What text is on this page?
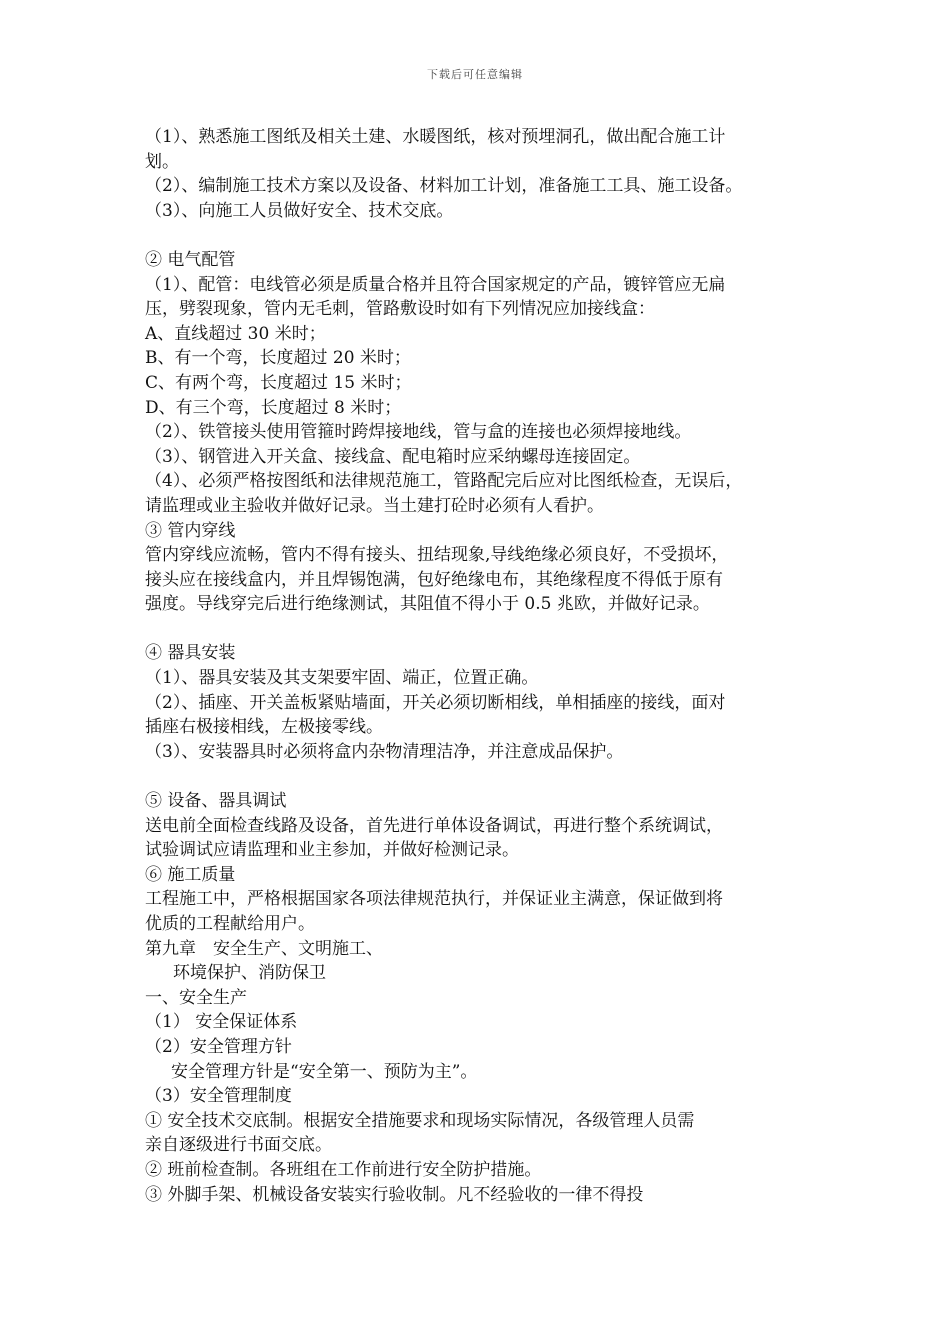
下载后可任意编辑
（1）、熟悉施工图纸及相关土建、水暖图纸，核对预埋洞孔，做出配合施工计
划。
（2）、编制施工技术方案以及设备、材料加工计划，准备施工工具、施工设备。
（3）、向施工人员做好安全、技术交底。
② 电气配管
（1）、配管：电线管必须是质量合格并且符合国家规定的产品，镀锌管应无扁
压，劈裂现象，管内无毛刺，管路敷设时如有下列情况应加接线盒：
A、直线超过 30 米时；
B、有一个弯，长度超过 20 米时；
C、有两个弯，长度超过 15 米时；
D、有三个弯，长度超过 8 米时；
（2）、铁管接头使用管箍时跨焊接地线，管与盒的连接也必须焊接地线。
（3）、钢管进入开关盒、接线盒、配电箱时应采纳螺母连接固定。
（4）、必须严格按图纸和法律规范施工，管路配完后应对比图纸检查，无误后，
请监理或业主验收并做好记录。当土建打砼时必须有人看护。
③ 管内穿线
管内穿线应流畅，管内不得有接头、扭结现象,导线绝缘必须良好，不受损坏，
接头应在接线盒内，并且焊锡饱满，包好绝缘电布，其绝缘程度不得低于原有
强度。导线穿完后进行绝缘测试，其阻值不得小于 0.5 兆欧，并做好记录。
④ 器具安装
（1）、器具安装及其支架要牢固、端正，位置正确。
（2）、插座、开关盖板紧贴墙面，开关必须切断相线，单相插座的接线，面对
插座右极接相线，左极接零线。
（3）、安装器具时必须将盒内杂物清理洁净，并注意成品保护。
⑤ 设备、器具调试
送电前全面检查线路及设备，首先进行单体设备调试，再进行整个系统调试，
试验调试应请监理和业主参加，并做好检测记录。
⑥ 施工质量
工程施工中，严格根据国家各项法律规范执行，并保证业主满意，保证做到将
优质的工程献给用户。
第九章　安全生产、文明施工、
环境保护、消防保卫
一、安全生产
（1） 安全保证体系
（2）安全管理方针
安全管理方针是“安全第一、预防为主”。
（3）安全管理制度
① 安全技术交底制。根据安全措施要求和现场实际情况，各级管理人员需
亲自逐级进行书面交底。
② 班前检查制。各班组在工作前进行安全防护措施。
③ 外脚手架、机械设备安装实行验收制。凡不经验收的一律不得投
